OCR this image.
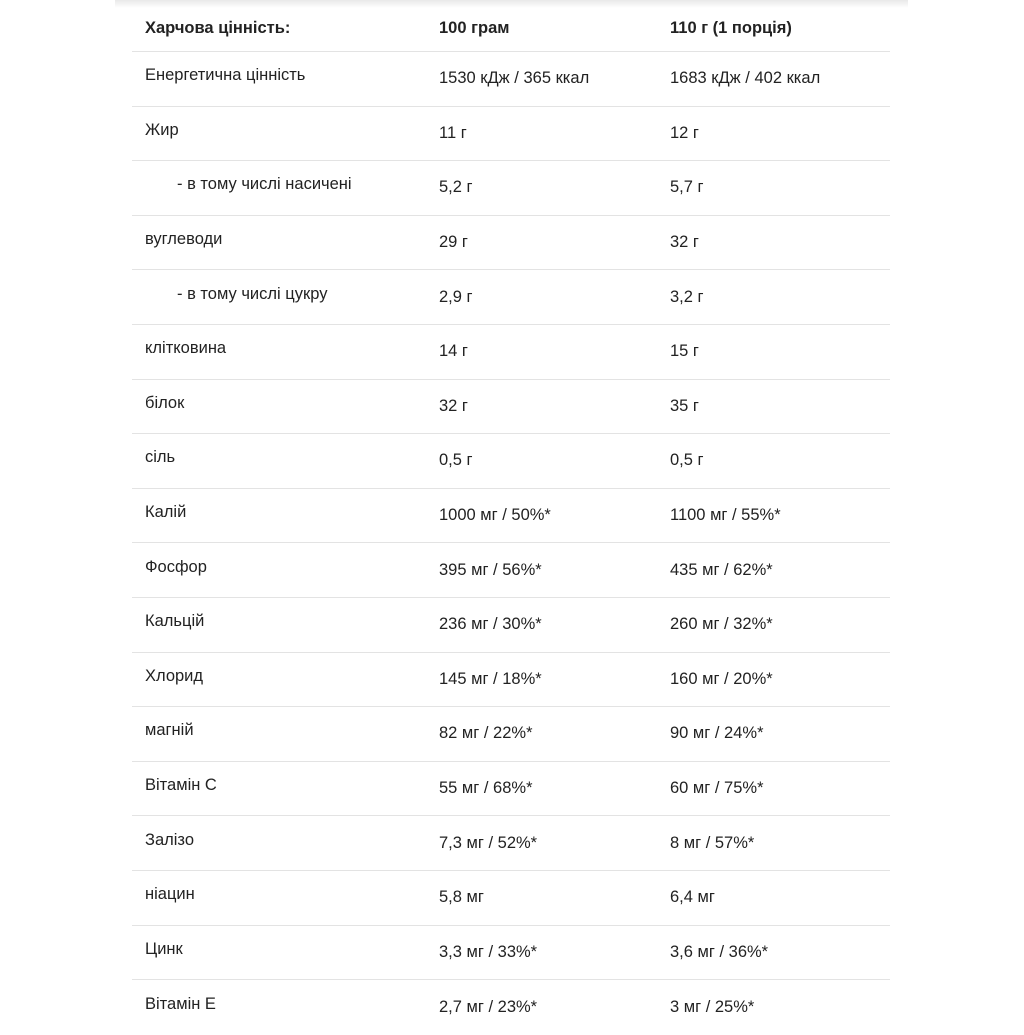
Харчова цінність:	100 грам	110 г (1 порція)
Енергетична цінність	1530 кДж / 365 ккал	1683 кДж / 402 ккал
Жир	11 г	12 г
- в тому числі насичені	5,2 г	5,7 г
вуглеводи	29 г	32 г
- в тому числі цукру	2,9 г	3,2 г
клітковина	14 г	15 г
білок	32 г	35 г
сіль	0,5 г	0,5 г
Калій	1000 мг / 50%*	1100 мг / 55%*
Фосфор	395 мг / 56%*	435 мг / 62%*
Кальцій	236 мг / 30%*	260 мг / 32%*
Хлорид	145 мг / 18%*	160 мг / 20%*
магній	82 мг / 22%*	90 мг / 24%*
Вітамін С	55 мг / 68%*	60 мг / 75%*
Залізо	7,3 мг / 52%*	8 мг / 57%*
ніацин	5,8 мг	6,4 мг
Цинк	3,3 мг / 33%*	3,6 мг / 36%*
Вітамін Е	2,7 мг / 23%*	3 мг / 25%*
